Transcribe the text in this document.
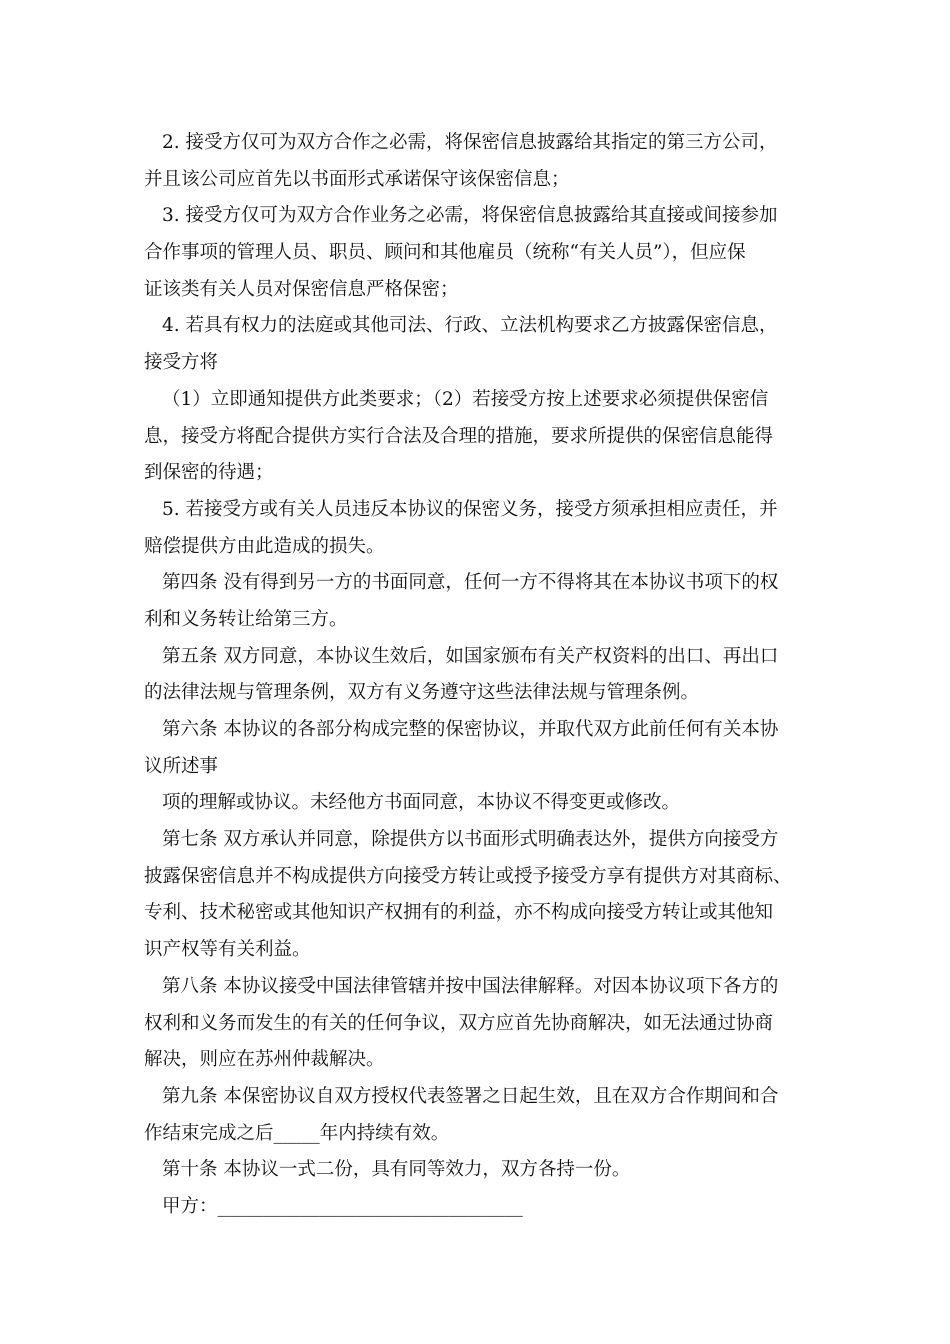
2. 接受方仅可为双方合作之必需，将保密信息披露给其指定的第三方公司，
并且该公司应首先以书面形式承诺保守该保密信息；
3. 接受方仅可为双方合作业务之必需，将保密信息披露给其直接或间接参加
合作事项的管理人员、职员、顾问和其他雇员（统称“有关人员”），但应保
证该类有关人员对保密信息严格保密；
4. 若具有权力的法庭或其他司法、行政、立法机构要求乙方披露保密信息，
接受方将
（1）立即通知提供方此类要求；（2）若接受方按上述要求必须提供保密信
息，接受方将配合提供方实行合法及合理的措施，要求所提供的保密信息能得
到保密的待遇；
5. 若接受方或有关人员违反本协议的保密义务，接受方须承担相应责任，并
赔偿提供方由此造成的损失。
第四条 没有得到另一方的书面同意，任何一方不得将其在本协议书项下的权
利和义务转让给第三方。
第五条 双方同意，本协议生效后，如国家颁布有关产权资料的出口、再出口
的法律法规与管理条例，双方有义务遵守这些法律法规与管理条例。
第六条 本协议的各部分构成完整的保密协议，并取代双方此前任何有关本协
议所述事
项的理解或协议。未经他方书面同意，本协议不得变更或修改。
第七条 双方承认并同意，除提供方以书面形式明确表达外，提供方向接受方
披露保密信息并不构成提供方向接受方转让或授予接受方享有提供方对其商标、
专利、技术秘密或其他知识产权拥有的利益，亦不构成向接受方转让或其他知
识产权等有关利益。
第八条 本协议接受中国法律管辖并按中国法律解释。对因本协议项下各方的
权利和义务而发生的有关的任何争议，双方应首先协商解决，如无法通过协商
解决，则应在苏州仲裁解决。
第九条 本保密协议自双方授权代表签署之日起生效，且在双方合作期间和合
作结束完成之后_____年内持续有效。
第十条 本协议一式二份，具有同等效力，双方各持一份。
甲方：_________________________________
